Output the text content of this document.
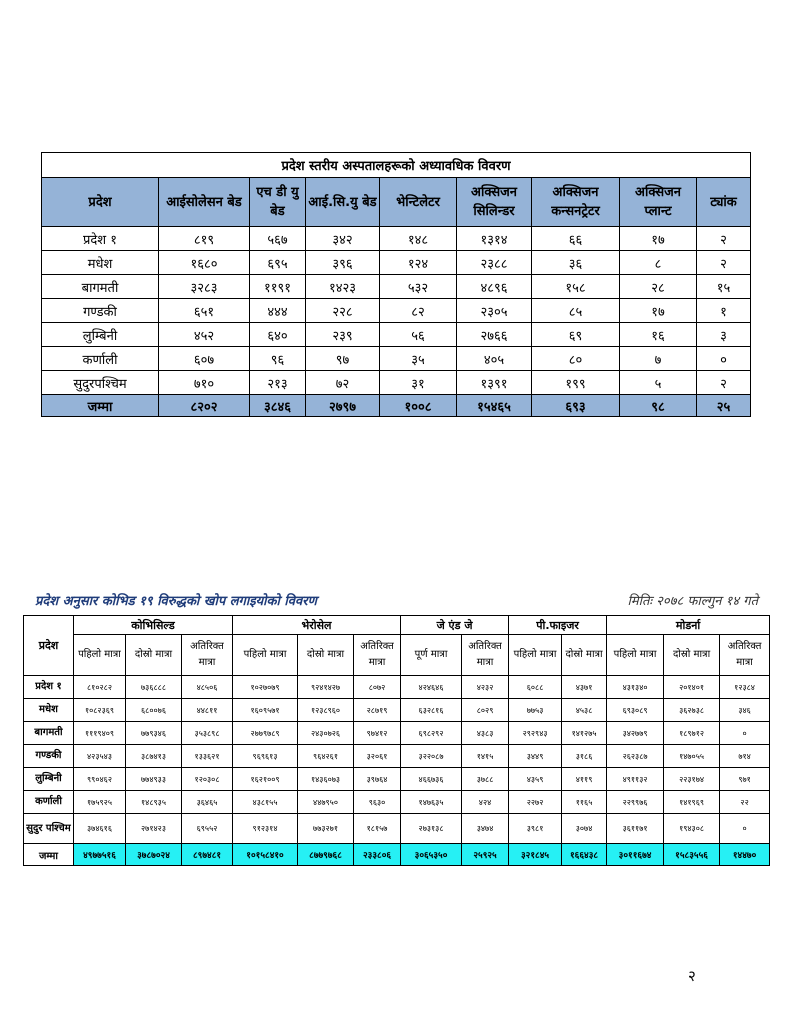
प्रदेश स्तरीय अस्पतालहरूको अध्यावधिक विवरण								
प्रदेश	आईसोलेसन बेड	एच डी यु बेड	आई.सि.यु बेड	भेन्टिलेटर	अक्सिजन सिलिन्डर	अक्सिजन कन्सनट्रेटर	अक्सिजन प्लान्ट	ट्यांक
प्रदेश १	८१९	५६७	३४२	१४८	१३१४	६६	१७	२
मधेश	१६८०	६९५	३९६	१२४	२३८८	३६	८	२
बागमती	३२८३	११९१	१४२३	५३२	४८९६	१५८	२८	१५
गण्डकी	६५१	४४४	२२८	८२	२३०५	८५	१७	१
लुम्बिनी	४५२	६४०	२३९	५६	२७६६	६९	१६	३
कर्णाली	६०७	९६	९७	३५	४०५	८०	७	०
सुदुरपश्चिम	७१०	२१३	७२	३१	१३९१	१९९	५	२
जम्मा	८२०२	३८४६	२७९७	१००८	१५४६५	६९३	९८	२५
प्रदेश अनुसार कोभिड १९ विरुद्धको खोप लगाइयोको विवरण	मितिः २०७८ फाल्गुन १४ गते
प्रदेश	कोभिसिल्ड			भेरोसेल			जे एंड जे		पी.फाइजर		मोडर्ना		
	पहिलो मात्रा	दोस्रो मात्रा	अतिरिक्त मात्रा	पहिलो मात्रा	दोस्रो मात्रा	अतिरिक्त मात्रा	पूर्ण मात्रा	अतिरिक्त मात्रा	पहिलो मात्रा	दोस्रो मात्रा	पहिलो मात्रा	दोस्रो मात्रा	अतिरिक्त मात्रा
प्रदेश १	८१०२८२	७३६८८८	४८५०६	१०२७०७९	९२४१४२७	८०७२	४२४६४६	४२३२	६०८८	४३७१	४३१३४०	२०१४०१	१२३८४
मधेश	१०८२३६९	६८००७६	४४८११	१६०९५७१	१२३८९६०	२८७१९	६३२८१६	८०२९	७७५३	४५३८	६९३०८९	३६२७३८	३४६
बागमती	१११९४०९	७७९३४६	३५३८९८	२७७९७८९	२४३०७२६	९७४१२	६९८२९२	४३८३	२९२९४३	१४१२७५	३४२७७९	१८९७१२	०
गण्डकी	४२३५४३	३८७४१३	१३३६२१	९६९६१३	९६४२६१	३२०६१	३२२०८७	१४१५	३४४९	३१८६	२६२३८७	१४७०५५	७१४
लुम्बिनी	९९०४६२	७७४९३३	१२०३०८	१६२१००९	१४३६०७३	३९७६४	४६६७३६	३७८८	४३५९	४११९	४९११३२	२२३१७४	९७१
कर्णाली	१७५९२५	१४८९३५	३६४६५	४३८१५५	४४७९५०	९६३०	१४७६३५	४२४	२२७२	११६५	२२९९७६	१४१९६९	२२
सुदुर पश्चिम	३७४६१६	२७१४२३	६९५५२	९१२३१४	७७३२७१	१८१५७	२७३१३८	३४७४	३९८१	३०७४	३६११७१	१९४३०८	०
जम्मा	४९७७५१६	३७८७०२४	८९७४८१	१०१५८४१०	८७७९७६८	२३३८०६	३०६५३५०	२५९२५	३२१८४५	१६६४३८	३०११६७४	१५८३५५६	१४४७०
२
